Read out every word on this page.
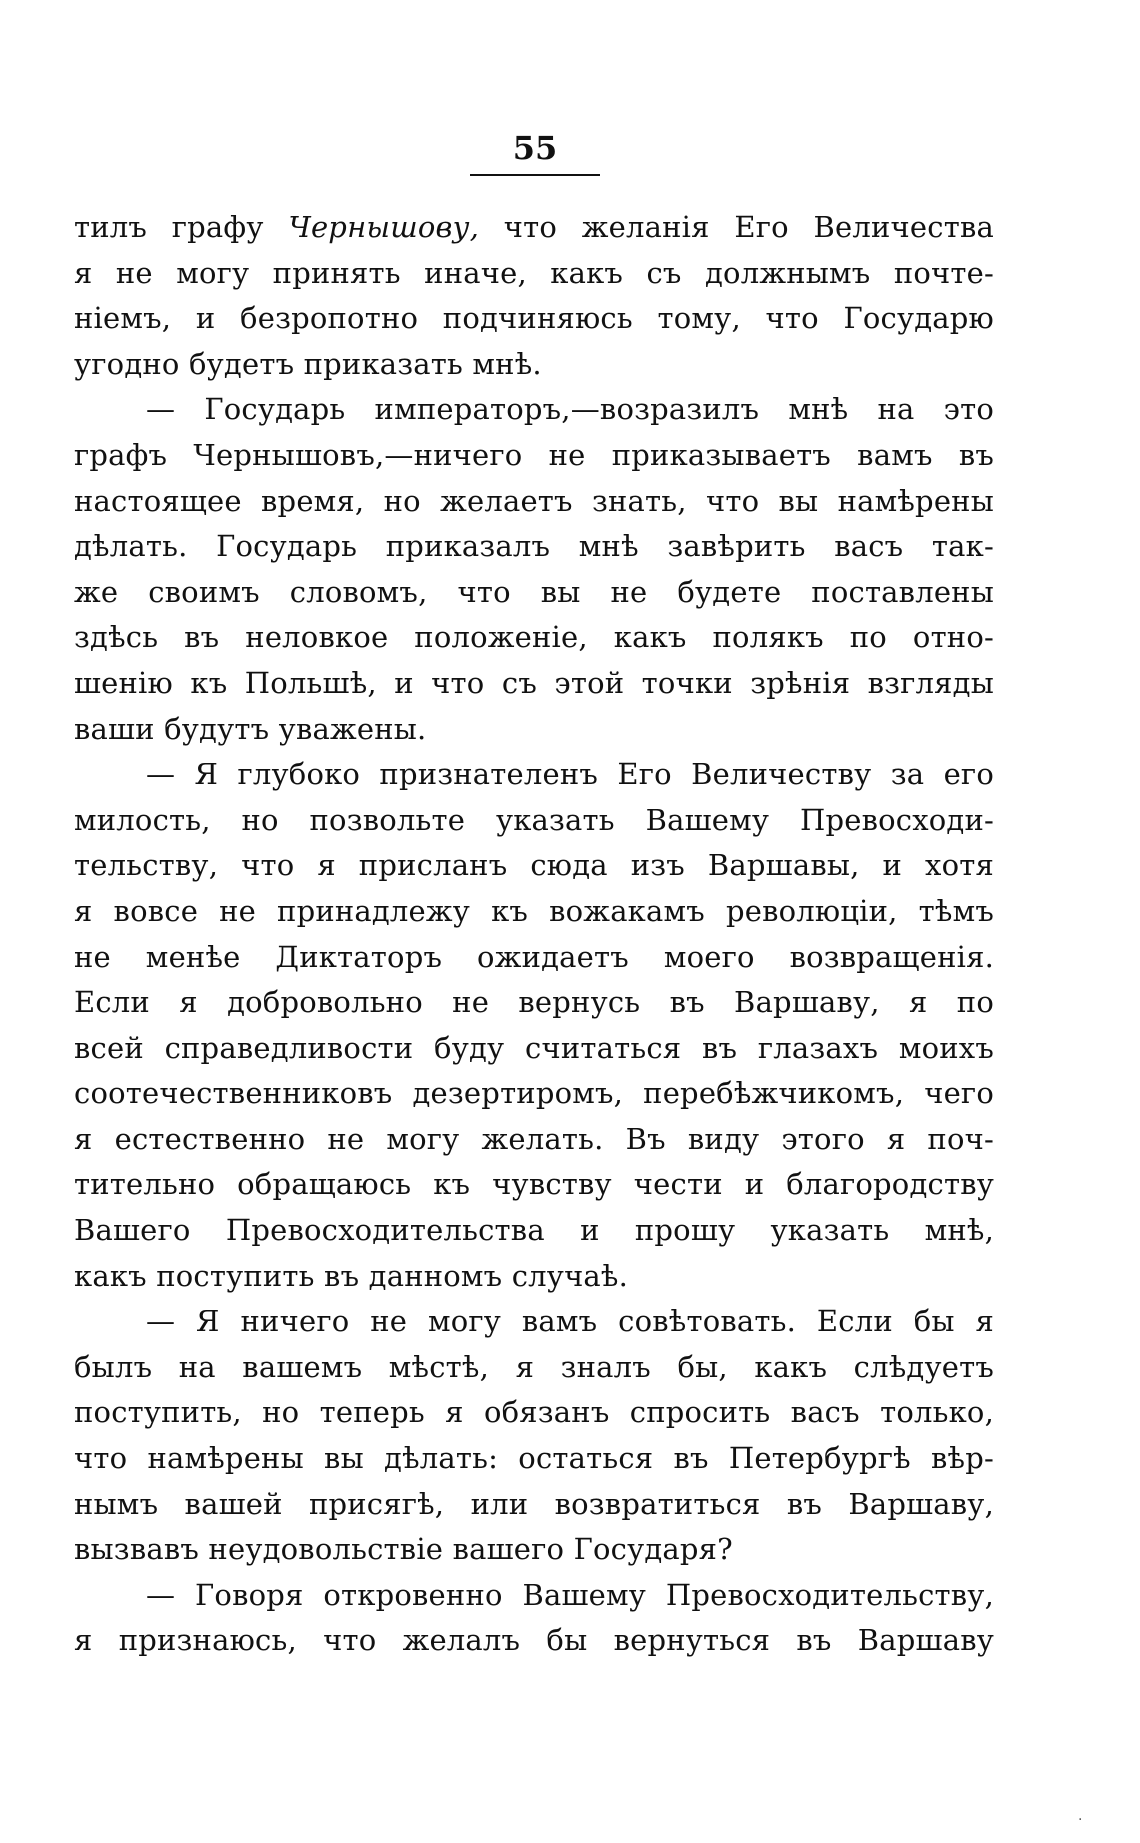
55
тилъ графу Чернышову, что желанія Его Величества
я не могу принять иначе, какъ съ должнымъ почте-
ніемъ, и безропотно подчиняюсь тому, что Государю
угодно будетъ приказать мнѣ.
— Государь императоръ,—возразилъ мнѣ на это
графъ Чернышовъ,—ничего не приказываетъ вамъ въ
настоящее время, но желаетъ знать, что вы намѣрены
дѣлать. Государь приказалъ мнѣ завѣрить васъ так-
же своимъ словомъ, что вы не будете поставлены
здѣсь въ неловкое положеніе, какъ полякъ по отно-
шенію къ Польшѣ, и что съ этой точки зрѣнія взгляды
ваши будутъ уважены.
— Я глубоко признателенъ Его Величеству за его
милость, но позвольте указать Вашему Превосходи-
тельству, что я присланъ сюда изъ Варшавы, и хотя
я вовсе не принадлежу къ вожакамъ революціи, тѣмъ
не менѣе Диктаторъ ожидаетъ моего возвращенія.
Если я добровольно не вернусь въ Варшаву, я по
всей справедливости буду считаться въ глазахъ моихъ
соотечественниковъ дезертиромъ, перебѣжчикомъ, чего
я естественно не могу желать. Въ виду этого я поч-
тительно обращаюсь къ чувству чести и благородству
Вашего Превосходительства и прошу указать мнѣ,
какъ поступить въ данномъ случаѣ.
— Я ничего не могу вамъ совѣтовать. Если бы я
былъ на вашемъ мѣстѣ, я зналъ бы, какъ слѣдуетъ
поступить, но теперь я обязанъ спросить васъ только,
что намѣрены вы дѣлать: остаться въ Петербургѣ вѣр-
нымъ вашей присягѣ, или возвратиться въ Варшаву,
вызвавъ неудовольствіе вашего Государя?
— Говоря откровенно Вашему Превосходительству,
я признаюсь, что желалъ бы вернуться въ Варшаву
·
